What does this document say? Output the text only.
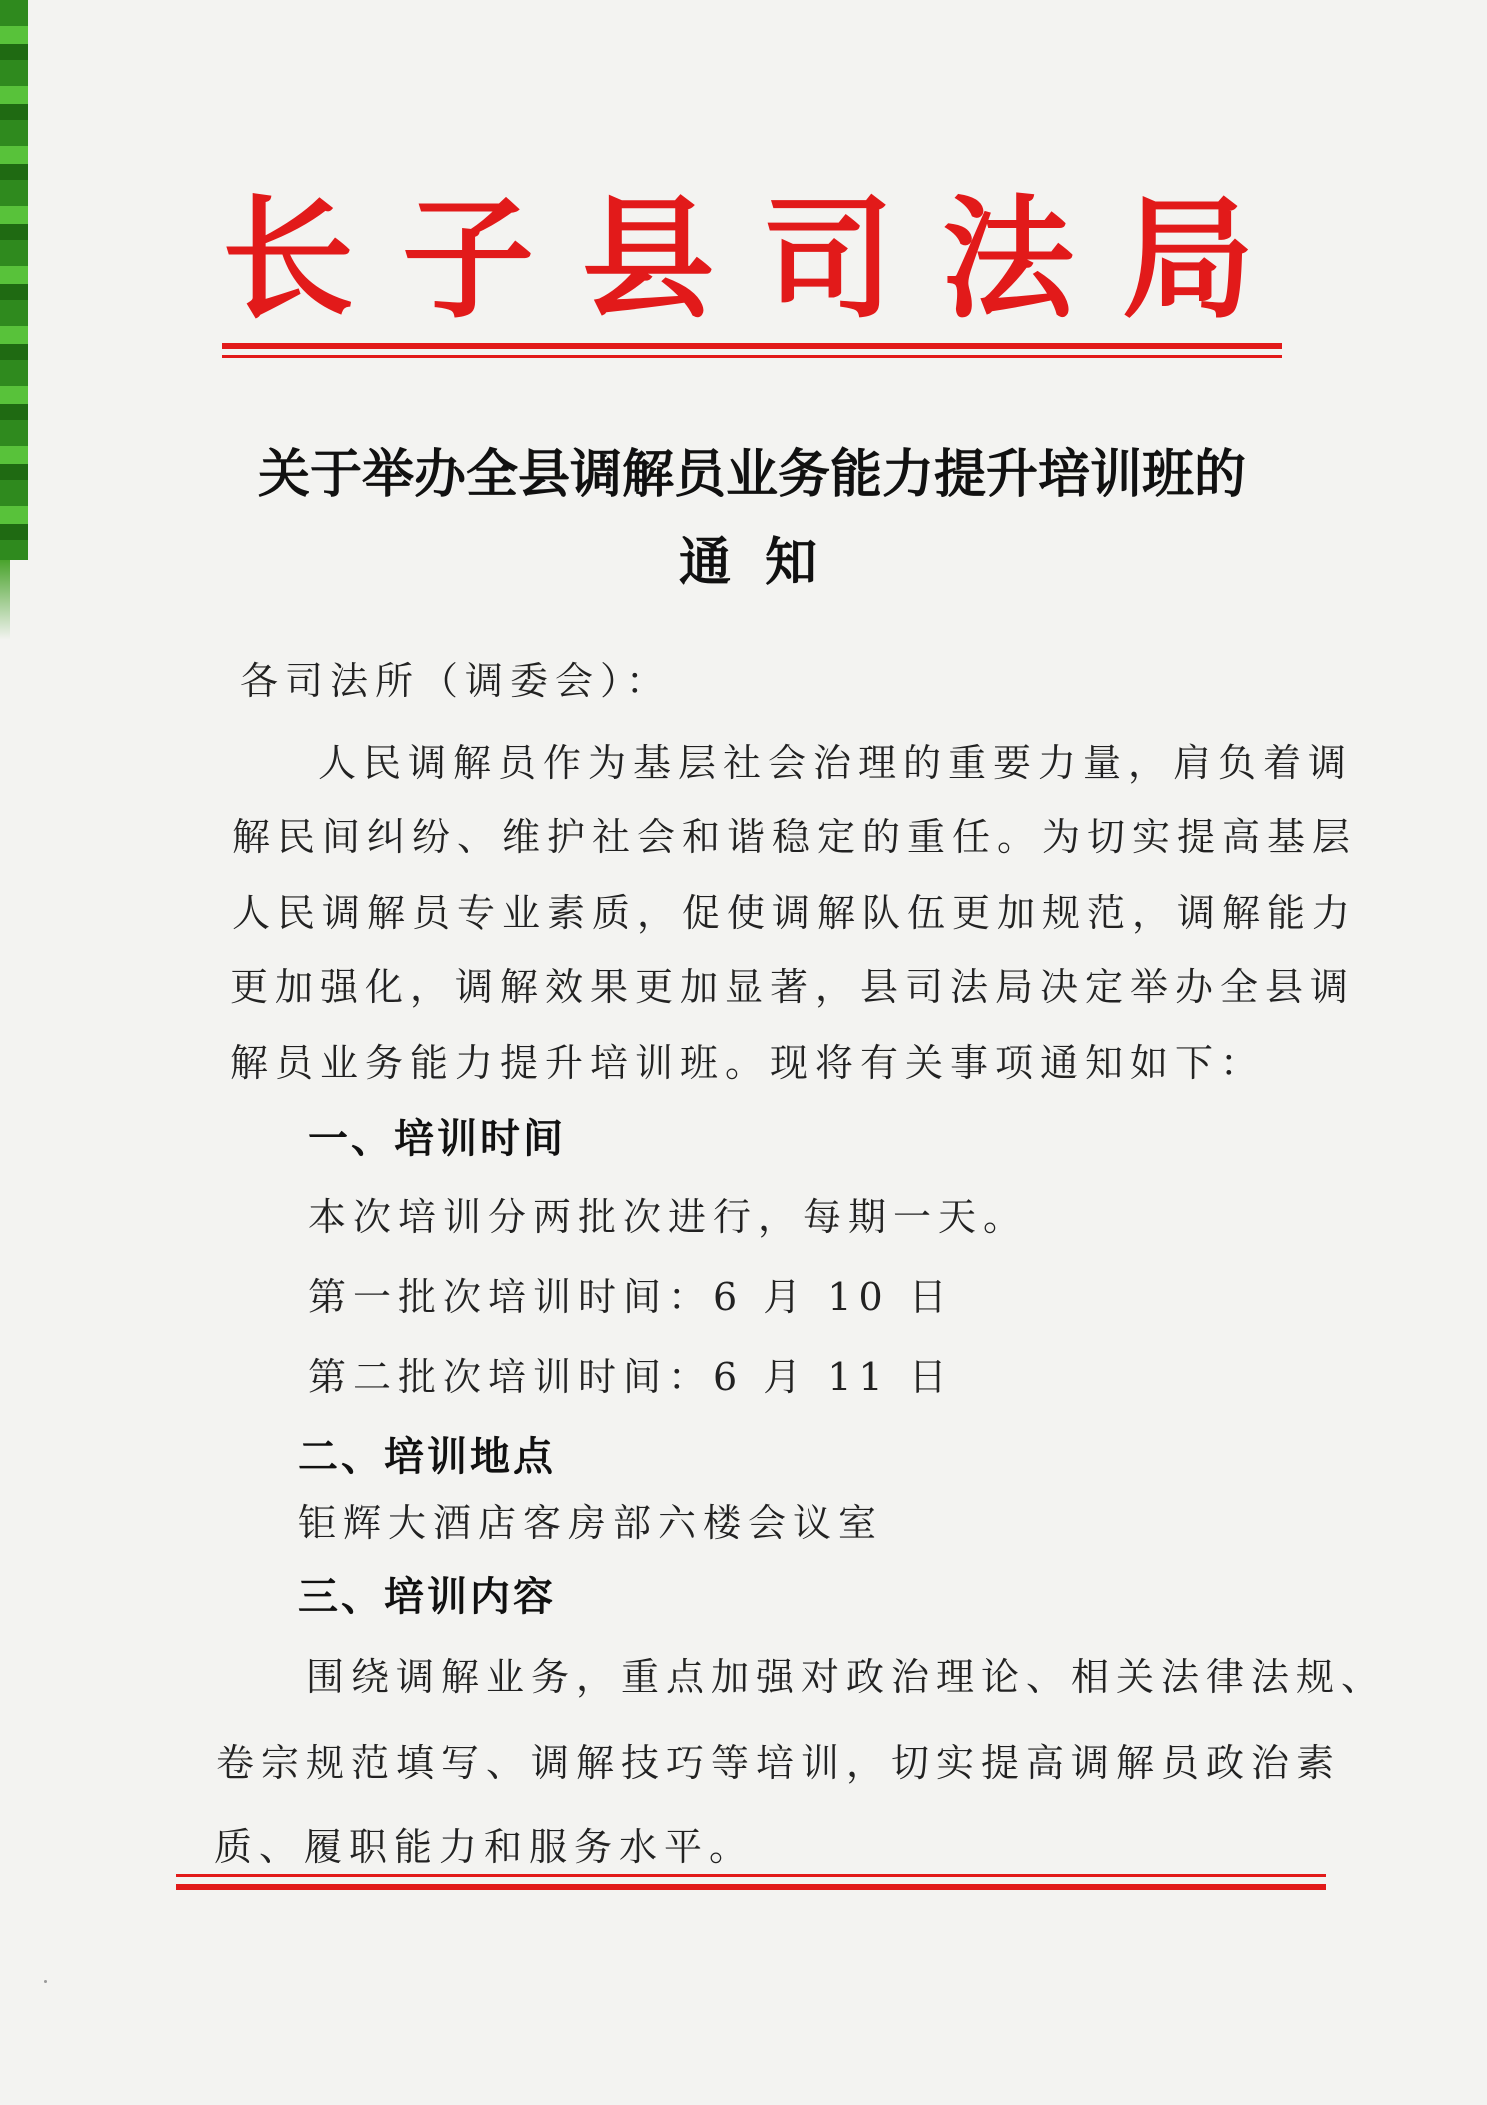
长子县司法局
关于举办全县调解员业务能力提升培训班的
通 知
各司法所（调委会）：
人民调解员作为基层社会治理的重要力量，肩负着调
解民间纠纷、维护社会和谐稳定的重任。为切实提高基层
人民调解员专业素质，促使调解队伍更加规范，调解能力
更加强化，调解效果更加显著，县司法局决定举办全县调
解员业务能力提升培训班。现将有关事项通知如下：
一、培训时间
本次培训分两批次进行，每期一天。
第一批次培训时间：6 月 10 日
第二批次培训时间：6 月 11 日
二、培训地点
钜辉大酒店客房部六楼会议室
三、培训内容
围绕调解业务，重点加强对政治理论、相关法律法规、
卷宗规范填写、调解技巧等培训，切实提高调解员政治素
质、履职能力和服务水平。
